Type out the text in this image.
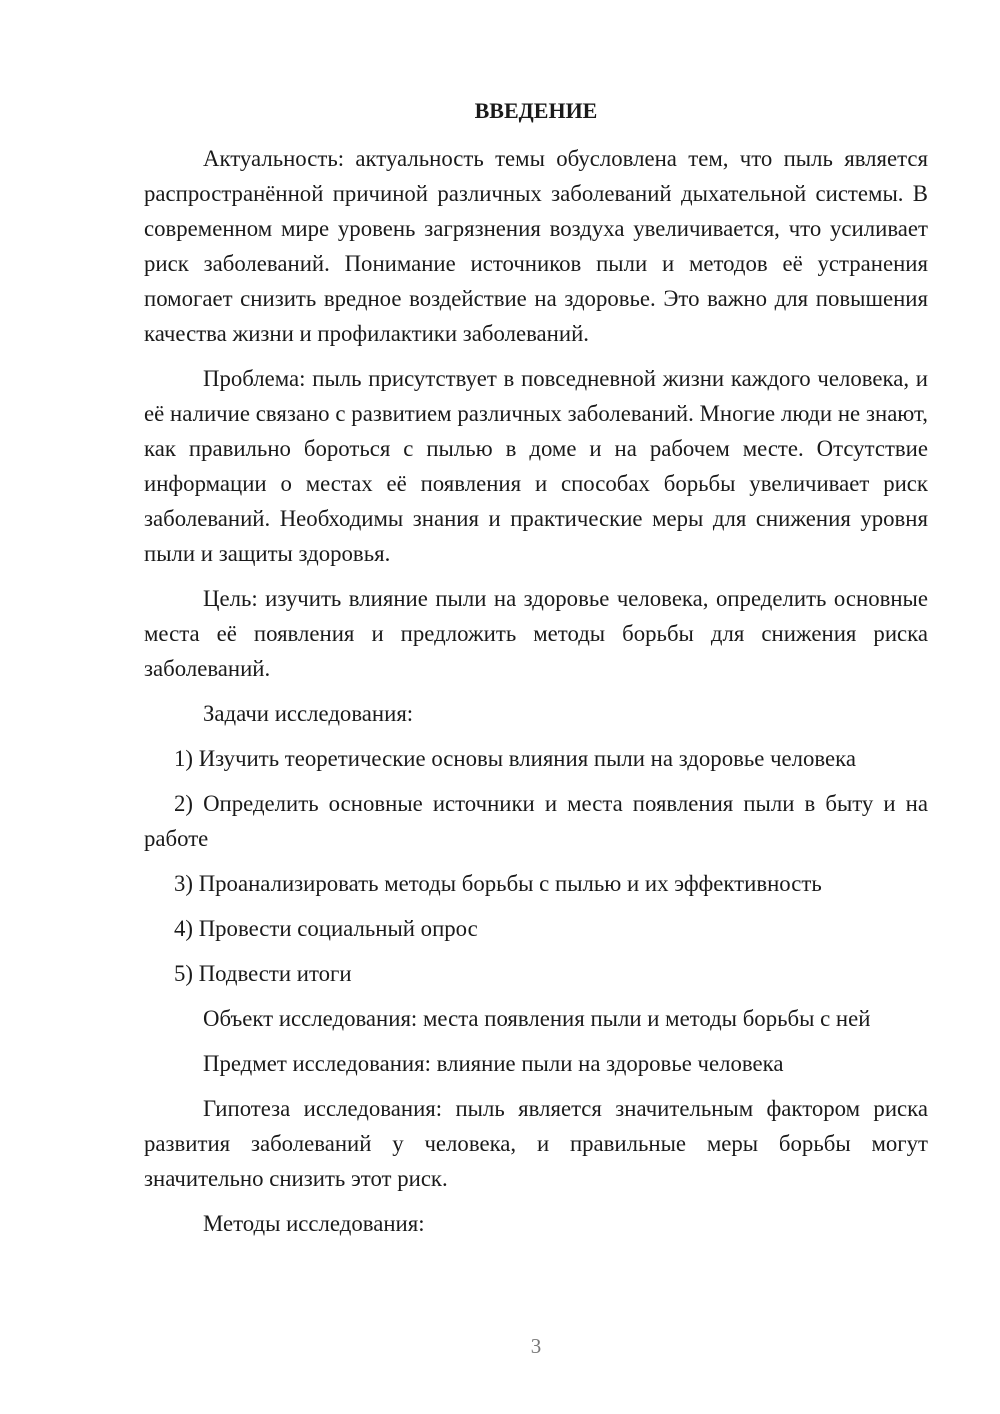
ВВЕДЕНИЕ

Актуальность: актуальность темы обусловлена тем, что пыль является распространённой причиной различных заболеваний дыхательной системы. В современном мире уровень загрязнения воздуха увеличивается, что усиливает риск заболеваний. Понимание источников пыли и методов её устранения помогает снизить вредное воздействие на здоровье. Это важно для повышения качества жизни и профилактики заболеваний.

Проблема: пыль присутствует в повседневной жизни каждого человека, и её наличие связано с развитием различных заболеваний. Многие люди не знают, как правильно бороться с пылью в доме и на рабочем месте. Отсутствие информации о местах её появления и способах борьбы увеличивает риск заболеваний. Необходимы знания и практические меры для снижения уровня пыли и защиты здоровья.

Цель: изучить влияние пыли на здоровье человека, определить основные места её появления и предложить методы борьбы для снижения риска заболеваний.

Задачи исследования:

1) Изучить теоретические основы влияния пыли на здоровье человека

2) Определить основные источники и места появления пыли в быту и на работе

3) Проанализировать методы борьбы с пылью и их эффективность

4) Провести социальный опрос

5) Подвести итоги

Объект исследования: места появления пыли и методы борьбы с ней

Предмет исследования: влияние пыли на здоровье человека

Гипотеза исследования: пыль является значительным фактором риска развития заболеваний у человека, и правильные меры борьбы могут значительно снизить этот риск.

Методы исследования:

3
